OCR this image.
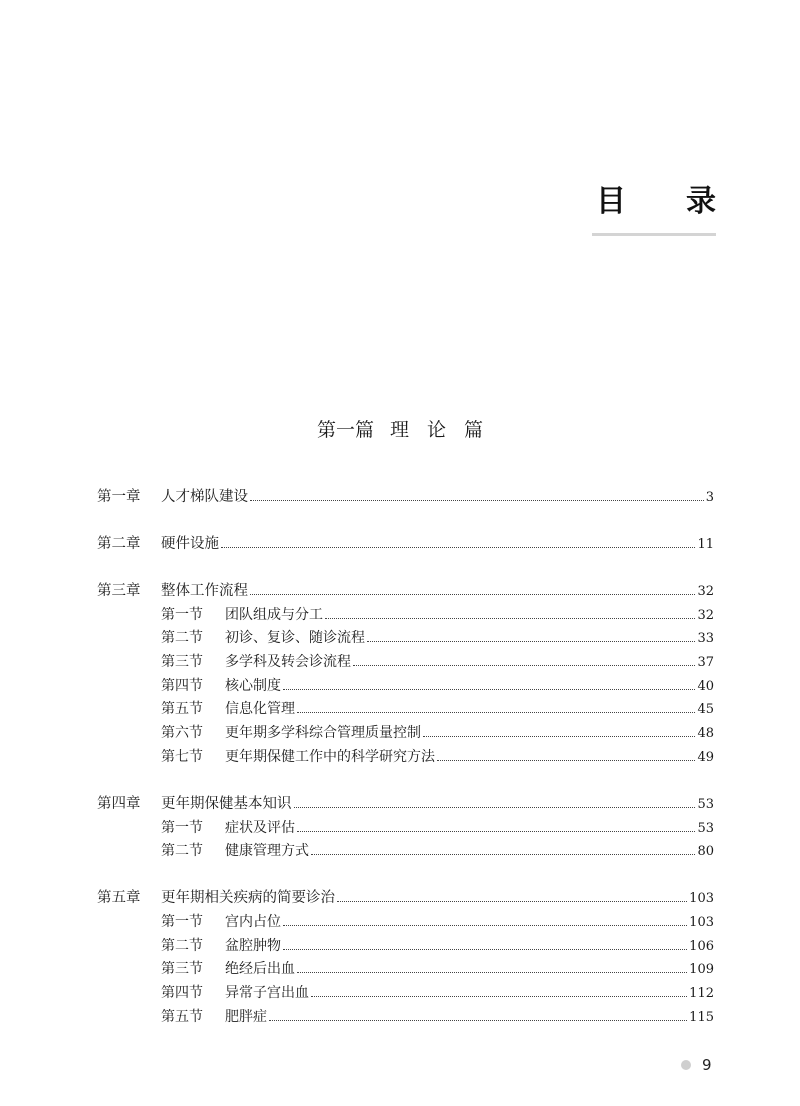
目 录
第一篇 理 论 篇
第一章	人才梯队建设	3
第二章	硬件设施	11
第三章	整体工作流程	32
第一节	团队组成与分工	32
第二节	初诊、复诊、随诊流程	33
第三节	多学科及转会诊流程	37
第四节	核心制度	40
第五节	信息化管理	45
第六节	更年期多学科综合管理质量控制	48
第七节	更年期保健工作中的科学研究方法	49
第四章	更年期保健基本知识	53
第一节	症状及评估	53
第二节	健康管理方式	80
第五章	更年期相关疾病的简要诊治	103
第一节	宫内占位	103
第二节	盆腔肿物	106
第三节	绝经后出血	109
第四节	异常子宫出血	112
第五节	肥胖症	115
9
